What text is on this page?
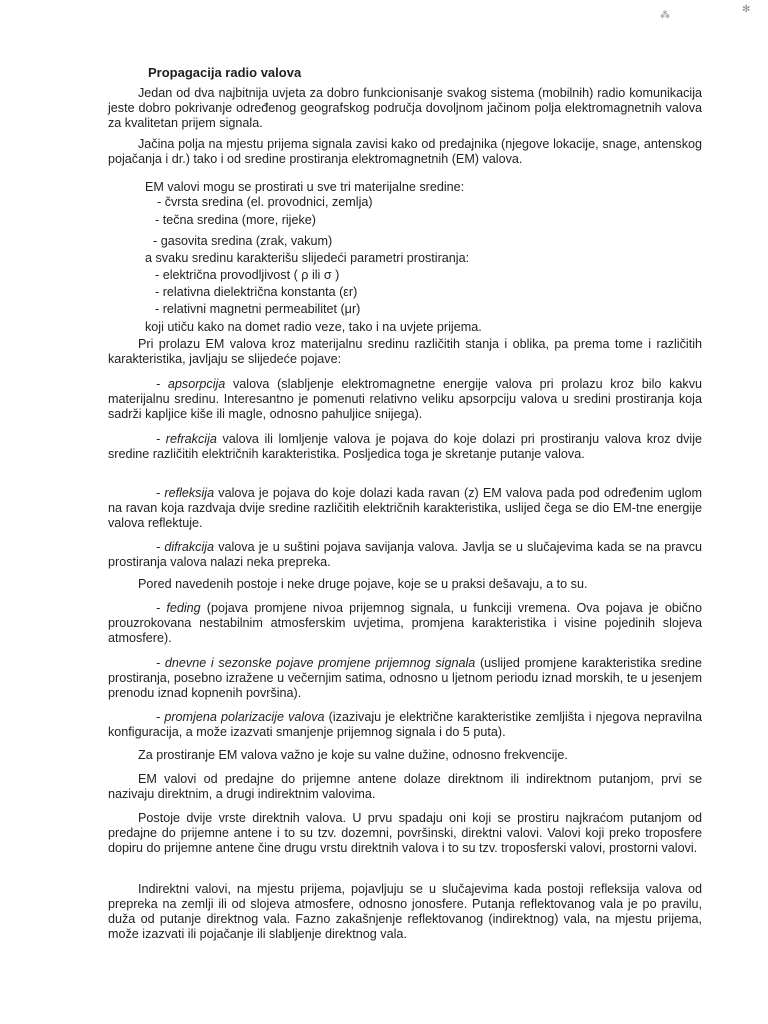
⁂
✻
Propagacija radio valova
Jedan od dva najbitnija uvjeta za dobro funkcionisanje svakog sistema (mobilnih) radio komunikacija jeste dobro pokrivanje određenog geografskog područja dovoljnom jačinom polja elektromagnetnih valova za kvalitetan prijem signala.
Jačina polja na mjestu prijema signala zavisi kako od predajnika (njegove lokacije, snage, antenskog pojačanja i dr.) tako i od sredine prostiranja elektromagnetnih (EM) valova.
EM valovi mogu se prostirati u sve tri materijalne sredine:
- čvrsta sredina (el. provodnici, zemlja)
- tečna sredina (more, rijeke)
- gasovita sredina (zrak, vakum)
a svaku sredinu karakterišu slijedeći parametri prostiranja:
- električna provodljivost ( ρ ili σ )
- relativna dielektrična konstanta (εr)
- relativni magnetni permeabilitet (μr)
koji utiču kako na domet radio veze, tako i na uvjete prijema.
Pri prolazu EM valova kroz materijalnu sredinu različitih stanja i oblika, pa prema tome i različitih karakteristika, javljaju se slijedeće pojave:
- apsorpcija valova (slabljenje elektromagnetne energije valova pri prolazu kroz bilo kakvu materijalnu sredinu. Interesantno je pomenuti relativno veliku apsorpciju valova u sredini prostiranja koja sadrži kapljice kiše ili magle, odnosno pahuljice snijega).
- refrakcija valova ili lomljenje valova je pojava do koje dolazi pri prostiranju valova kroz dvije sredine različitih električnih karakteristika. Posljedica toga je skretanje putanje valova.
- refleksija valova je pojava do koje dolazi kada ravan (z) EM valova pada pod određenim uglom na ravan koja razdvaja dvije sredine različitih električnih karakteristika, uslijed čega se dio EM-tne energije valova reflektuje.
- difrakcija valova je u suštini pojava savijanja valova. Javlja se u slučajevima kada se na pravcu prostiranja valova nalazi neka prepreka.
Pored navedenih postoje i neke druge pojave, koje se u praksi dešavaju, a to su.
- feding (pojava promjene nivoa prijemnog signala, u funkciji vremena. Ova pojava je obično prouzrokovana nestabilnim atmosferskim uvjetima, promjena karakteristika i visine pojedinih slojeva atmosfere).
- dnevne i sezonske pojave promjene prijemnog signala (uslijed promjene karakteristika sredine prostiranja, posebno izražene u večernjim satima, odnosno u ljetnom periodu iznad morskih, te u jesenjem prenodu iznad kopnenih površina).
- promjena polarizacije valova (izazivaju je električne karakteristike zemljišta i njegova nepravilna konfiguracija, a može izazvati smanjenje prijemnog signala i do 5 puta).
Za prostiranje EM valova važno je koje su valne dužine, odnosno frekvencije.
EM valovi od predajne do prijemne antene dolaze direktnom ili indirektnom putanjom, prvi se nazivaju direktnim, a drugi indirektnim valovima.
Postoje dvije vrste direktnih valova. U prvu spadaju oni koji se prostiru najkraćom putanjom od predajne do prijemne antene i to su tzv. dozemni, površinski, direktni valovi. Valovi koji preko troposfere dopiru do prijemne antene čine drugu vrstu direktnih valova i to su tzv. troposferski valovi, prostorni valovi.
Indirektni valovi, na mjestu prijema, pojavljuju se u slučajevima kada postoji refleksija valova od prepreka na zemlji ili od slojeva atmosfere, odnosno jonosfere. Putanja reflektovanog vala je po pravilu, duža od putanje direktnog vala. Fazno zakašnjenje reflektovanog (indirektnog) vala, na mjestu prijema, može izazvati ili pojačanje ili slabljenje direktnog vala.
